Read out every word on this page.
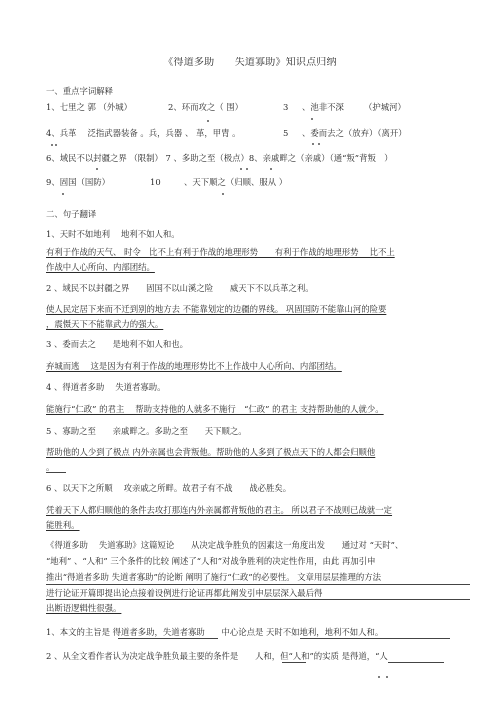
《得道多助　　失道寡助》知识点归纳
一、重点字词解释
1、七里之 郭 （外城）	2、环而攻之（ 围）	3 、池非不深 （护城河）
4、兵革　 泛指武器装备 。兵，兵器 、 革，甲胄 。	5 、委而去之（放弃）（离开）
6、域民不以封疆之界 （限制） 7 、多助之至（极点）8、亲戚畔之（亲戚）（通“叛”背叛　）
9、固国（国防）	10	、天下顺之（归顺、服从 ）
二、句子翻译
1、天时不如地利　 地利不如人和。
有利于作战的天气、 时令　比不上有利于作战的地理形势　　有利于作战的地理形势　 比不上
作战中人心所向、内部团结。
2 、域民不以封疆之界　　固国不以山溪之险　　威天下不以兵革之利。
使人民定居下来而不迁到别的地方去 不能靠划定的边疆的界线。 巩固国防不能靠山河的险要
，震慑天下不能靠武力的强大。
3 、委而去之　　是地利不如人和也。
弃城而逃　 这是因为有利于作战的地理形势比不上作战中人心所向、内部团结。
4 、得道者多助　 失道者寡助。
能施行“仁政” 的君主　 帮助支持他的人就多不施行　“仁政” 的君主 支持帮助他的人就少。
5 、寡助之至　　亲戚畔之。多助之至　　天下顺之。
帮助他的人少到了极点 内外亲属也会背叛他。帮助他的人多到了极点天下的人都会归顺他
。
6 、以天下之所顺　 攻亲戚之所畔。故君子有不战　　战必胜矣。
凭着天下人都归顺他的条件去攻打那连内外亲属都背叛他的君主。 所以君子不战则已战就一定
能胜利。
《得道多助　 失道寡助》这篇短论　　从决定战争胜负的因素这一角度出发　　通过对 “天时”、
“地利” 、“人和” 三个条件的比较 阐述了“人和”对战争胜利的决定性作用，由此 再加引申
推出“得道者多助 失道者寡助”的论断 阐明了施行“仁政”的必要性。 文章用层层推理的方法
进行论证开篇即提出论点接着设例进行论证再都此阐发引申层层深入最后得
出断语逻辑性很强。
1、本文的主旨是 得道者多助，失道者寡助　　中心论点是 天时不如地利，地利不如人和。
2 、从全文看作者认为决定战争胜负最主要的条件是　　人和，但“人和”的实质 是得道，“人
